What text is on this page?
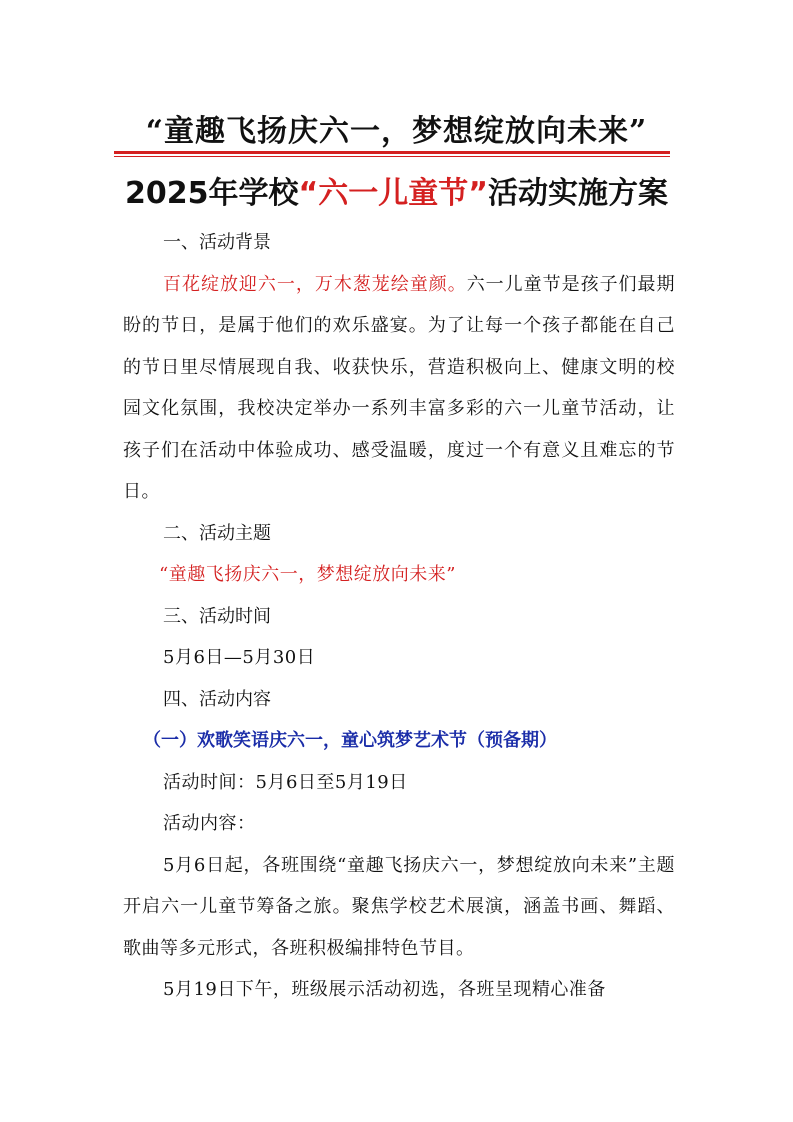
“童趣飞扬庆六一，梦想绽放向未来”
2025年学校“六一儿童节”活动实施方案

一、活动背景

百花绽放迎六一，万木葱茏绘童颜。六一儿童节是孩子们最期盼的节日，是属于他们的欢乐盛宴。为了让每一个孩子都能在自己的节日里尽情展现自我、收获快乐，营造积极向上、健康文明的校园文化氛围，我校决定举办一系列丰富多彩的六一儿童节活动，让孩子们在活动中体验成功、感受温暖，度过一个有意义且难忘的节日。

二、活动主题

“童趣飞扬庆六一，梦想绽放向未来”

三、活动时间

5月6日—5月30日

四、活动内容

（一）欢歌笑语庆六一，童心筑梦艺术节（预备期）

活动时间：5月6日至5月19日

活动内容：

5月6日起，各班围绕“童趣飞扬庆六一，梦想绽放向未来”主题开启六一儿童节筹备之旅。聚焦学校艺术展演，涵盖书画、舞蹈、歌曲等多元形式，各班积极编排特色节目。

5月19日下午，班级展示活动初选，各班呈现精心准备
